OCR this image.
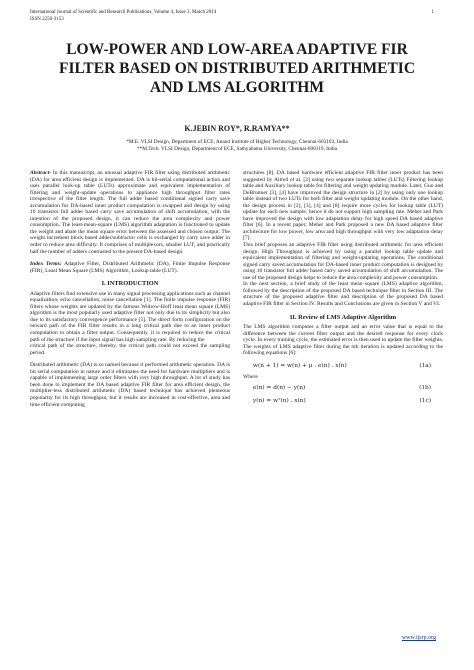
International Journal of Scientific and Research Publications, Volume 4, Issue 3, March 2014
ISSN 2250-3153
1
LOW-POWER AND LOW-AREA ADAPTIVE FIR
FILTER BASED ON DISTRIBUTED ARITHMETIC
AND LMS ALGORITHM
K.JEBIN ROY*, R.RAMYA**
*M.E. VLSI Design, Department of ECE, Anand Institute of Higher Technology, Chennai-603103, India
**M.Tech. VLSI Design, Department of ECE, Sathyabama University, Chennai-600119, India

Abstract- In this manuscript, an unusual adaptive FIR filter using distributed arithmetic (DA) for area efficient design is implemented. DA is bit-serial computational action and uses parallel look-up table (LUTs) approximate and equivalent implementation of filtering and weight-update operations to appliance high throughput filter rates irrespective of the filter length. The full adder based conditional signed carry save accumulation for DA-based inner product computation is swapped and design by using 10 transistor full adder based carry save accumulation of shift accumulation, with the intention of the proposed design, it can reduce the area complexity and power consumption. The least-mean-square (LMS) algorithm adaptation is functioned to update the weight and abate the mean square error between the assessed and chosen output. The weight increment block based adder/subtractor cells is exchanged by carry save adder in order to reduce area difficulty. It comprises of multiplexors, smaller LUT, and practically half the number of adders contrasted to the present DA-based design.

Index Terms: Adaptive Filter, Distributed Arithmetic (DA), Finite Impulse Response (FIR), Least Mean Square (LMS) Algorithm, Lookup table (LUT).

I. INTRODUCTION

Adaptive filters find extensive use in many signal processing applications such as channel equalization, echo cancellation, noise cancellation [1]. The finite impulse response (FIR) filters whose weights are updated by the famous Widrow-Hoff least mean square (LMS) algorithm is the most popularly used adaptive filter not only due to its simplicity but also due to its satisfactory convergence performance [5]. The direct form configuration on the onward path of the FIR filter results in a long critical path due to an inner product computation to obtain a filter output. Consequently, it is required to reduce the critical path of the structure if the input signal has high sampling rate. By reducing the

critical path of the structure, thereby, the critical path could not exceed the sampling period.

Distributed arithmetic (DA) is so named because it performed arithmetic operation. DA is bit serial computation in nature and it eliminates the need for hardware multipliers and is capable of implementing large order filters with very high throughput. A lot of study has been done to implement the DA based adaptive FIR filter for area efficient design, the multiplier-less distributed arithmetic (DA) based technique has achieved plenteous popularity for its high throughput, but it results are increased in cost-effective, area and time efficient computing

structures [8]. DA based hardware efficient adaptive FIR filter inner product has been suggested by Allred et al. [2] using two separate lookup tables (LUTs) Filtering lookup table and Auxiliary lookup table for filtering and weight updating module. Later, Guo and DeBrunner [3], [4] have improved the design structure in [2] by using only one lookup table instead of two LUTs for both filter and weight updating module. On the other hand, the design process in [2], [3], [4] and [8] require more cycles for lookup table (LUT) update for each new sample, hence it do not support high sampling rate. Meher and Park have improved the design with low adaptation delay for high speed DA based adaptive filter [6]. In a recent paper, Meher and Park proposed a new DA based adaptive filter architecture for low power, low area and high throughput with very low adaptation delay [7].

This brief proposes an adaptive FIR filter using distributed arithmetic for area efficient design. High Throughput is achieved by using a parallel lookup table update and equivalent implementation of filtering and weight-updating operations. The conditional signed carry saved accumulation for DA-based inner product computation is designed by using 10 transistor full adder based carry saved accumulation of shift accumulation. The use of the proposed design helps to reduce the area complexity and power consumption.

In the next section, a brief study of the least mean square (LMS) adaptive algorithm, followed by the description of the proposed DA based technique filter in Section III. The structure of the proposed adaptive filter and description of the proposed DA based adaptive FIR filter in Section IV. Results and Conclusions are given in Section V and VI.

II. Review of LMS Adaptive Algorithm

The LMS algorithm computes a filter output and an error value that is equal to the difference between the current filter output and the desired response for every clock cycle. In every training cycle, the estimated error is then used to update the filter weights. The weights of LMS adaptive filter during the nth iteration is updated according to the following equations [6]:

w(n + 1) = w(n) + μ . e(n) . x(n)	(1a)

Where

e(n) = d(n) − y(n)	(1b)
y(n) = wᵀ(n) . x(n)	(1c)
www.ijsrp.org
